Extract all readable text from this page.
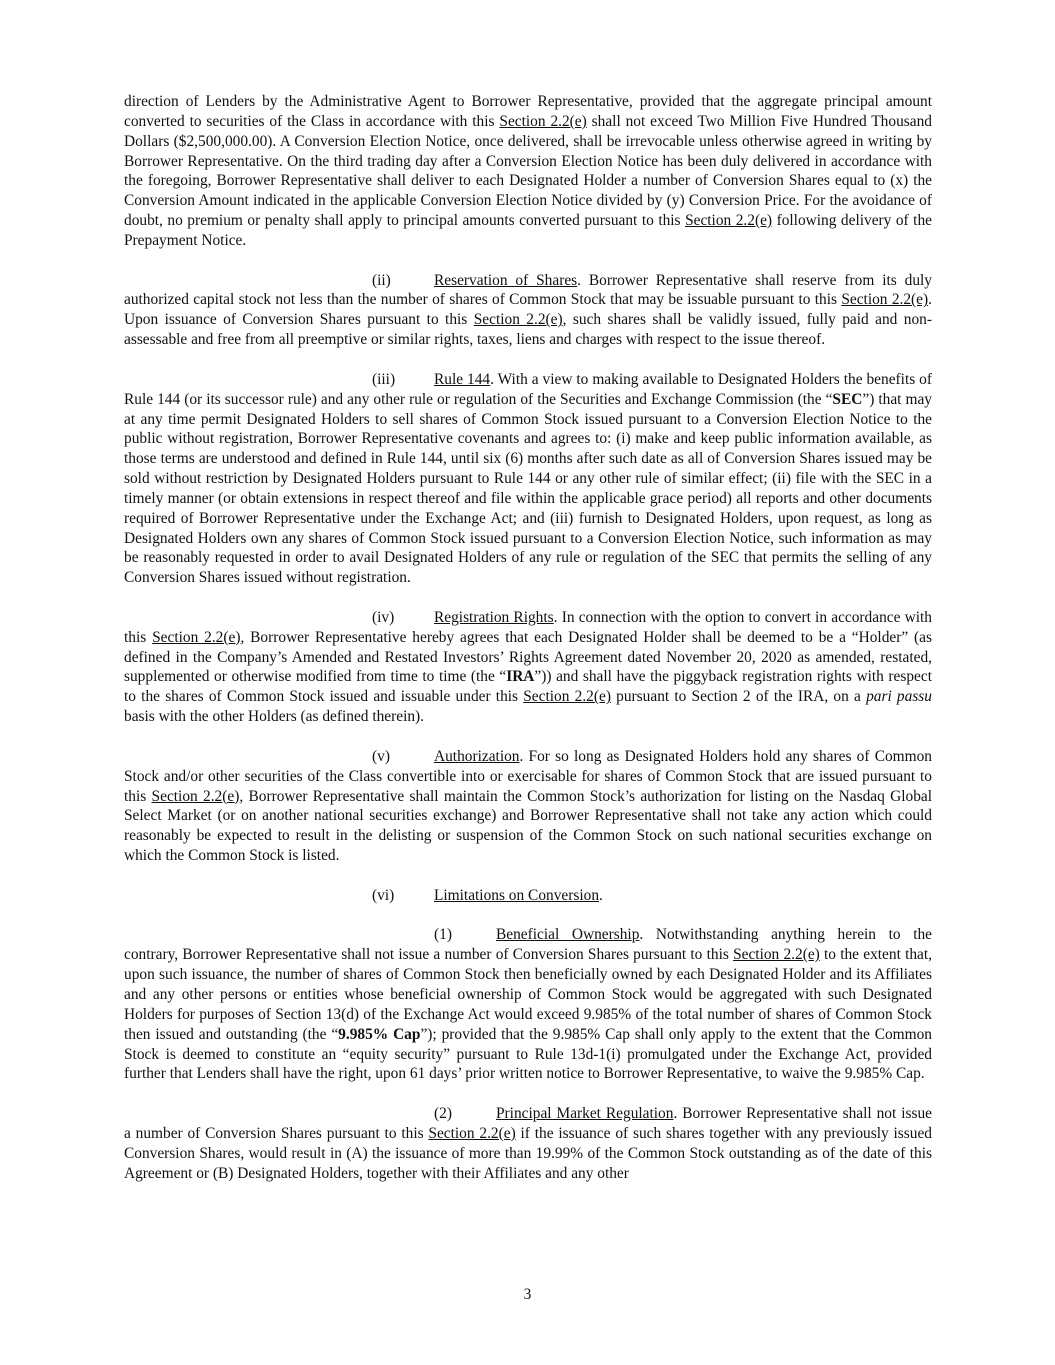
direction of Lenders by the Administrative Agent to Borrower Representative, provided that the aggregate principal amount converted to securities of the Class in accordance with this Section 2.2(e) shall not exceed Two Million Five Hundred Thousand Dollars ($2,500,000.00). A Conversion Election Notice, once delivered, shall be irrevocable unless otherwise agreed in writing by Borrower Representative. On the third trading day after a Conversion Election Notice has been duly delivered in accordance with the foregoing, Borrower Representative shall deliver to each Designated Holder a number of Conversion Shares equal to (x) the Conversion Amount indicated in the applicable Conversion Election Notice divided by (y) Conversion Price. For the avoidance of doubt, no premium or penalty shall apply to principal amounts converted pursuant to this Section 2.2(e) following delivery of the Prepayment Notice.

(ii)	Reservation of Shares. Borrower Representative shall reserve from its duly authorized capital stock not less than the number of shares of Common Stock that may be issuable pursuant to this Section 2.2(e). Upon issuance of Conversion Shares pursuant to this Section 2.2(e), such shares shall be validly issued, fully paid and non-assessable and free from all preemptive or similar rights, taxes, liens and charges with respect to the issue thereof.

(iii)	Rule 144. With a view to making available to Designated Holders the benefits of Rule 144 (or its successor rule) and any other rule or regulation of the Securities and Exchange Commission (the “SEC”) that may at any time permit Designated Holders to sell shares of Common Stock issued pursuant to a Conversion Election Notice to the public without registration, Borrower Representative covenants and agrees to: (i) make and keep public information available, as those terms are understood and defined in Rule 144, until six (6) months after such date as all of Conversion Shares issued may be sold without restriction by Designated Holders pursuant to Rule 144 or any other rule of similar effect; (ii) file with the SEC in a timely manner (or obtain extensions in respect thereof and file within the applicable grace period) all reports and other documents required of Borrower Representative under the Exchange Act; and (iii) furnish to Designated Holders, upon request, as long as Designated Holders own any shares of Common Stock issued pursuant to a Conversion Election Notice, such information as may be reasonably requested in order to avail Designated Holders of any rule or regulation of the SEC that permits the selling of any Conversion Shares issued without registration.

(iv)	Registration Rights. In connection with the option to convert in accordance with this Section 2.2(e), Borrower Representative hereby agrees that each Designated Holder shall be deemed to be a “Holder” (as defined in the Company’s Amended and Restated Investors’ Rights Agreement dated November 20, 2020 as amended, restated, supplemented or otherwise modified from time to time (the “IRA”)) and shall have the piggyback registration rights with respect to the shares of Common Stock issued and issuable under this Section 2.2(e) pursuant to Section 2 of the IRA, on a pari passu basis with the other Holders (as defined therein).

(v)	Authorization. For so long as Designated Holders hold any shares of Common Stock and/or other securities of the Class convertible into or exercisable for shares of Common Stock that are issued pursuant to this Section 2.2(e), Borrower Representative shall maintain the Common Stock’s authorization for listing on the Nasdaq Global Select Market (or on another national securities exchange) and Borrower Representative shall not take any action which could reasonably be expected to result in the delisting or suspension of the Common Stock on such national securities exchange on which the Common Stock is listed.

(vi)	Limitations on Conversion.

(1)	Beneficial Ownership. Notwithstanding anything herein to the contrary, Borrower Representative shall not issue a number of Conversion Shares pursuant to this Section 2.2(e) to the extent that, upon such issuance, the number of shares of Common Stock then beneficially owned by each Designated Holder and its Affiliates and any other persons or entities whose beneficial ownership of Common Stock would be aggregated with such Designated Holders for purposes of Section 13(d) of the Exchange Act would exceed 9.985% of the total number of shares of Common Stock then issued and outstanding (the “9.985% Cap”); provided that the 9.985% Cap shall only apply to the extent that the Common Stock is deemed to constitute an “equity security” pursuant to Rule 13d-1(i) promulgated under the Exchange Act, provided further that Lenders shall have the right, upon 61 days’ prior written notice to Borrower Representative, to waive the 9.985% Cap.

(2)	Principal Market Regulation. Borrower Representative shall not issue a number of Conversion Shares pursuant to this Section 2.2(e) if the issuance of such shares together with any previously issued Conversion Shares, would result in (A) the issuance of more than 19.99% of the Common Stock outstanding as of the date of this Agreement or (B) Designated Holders, together with their Affiliates and any other

3
